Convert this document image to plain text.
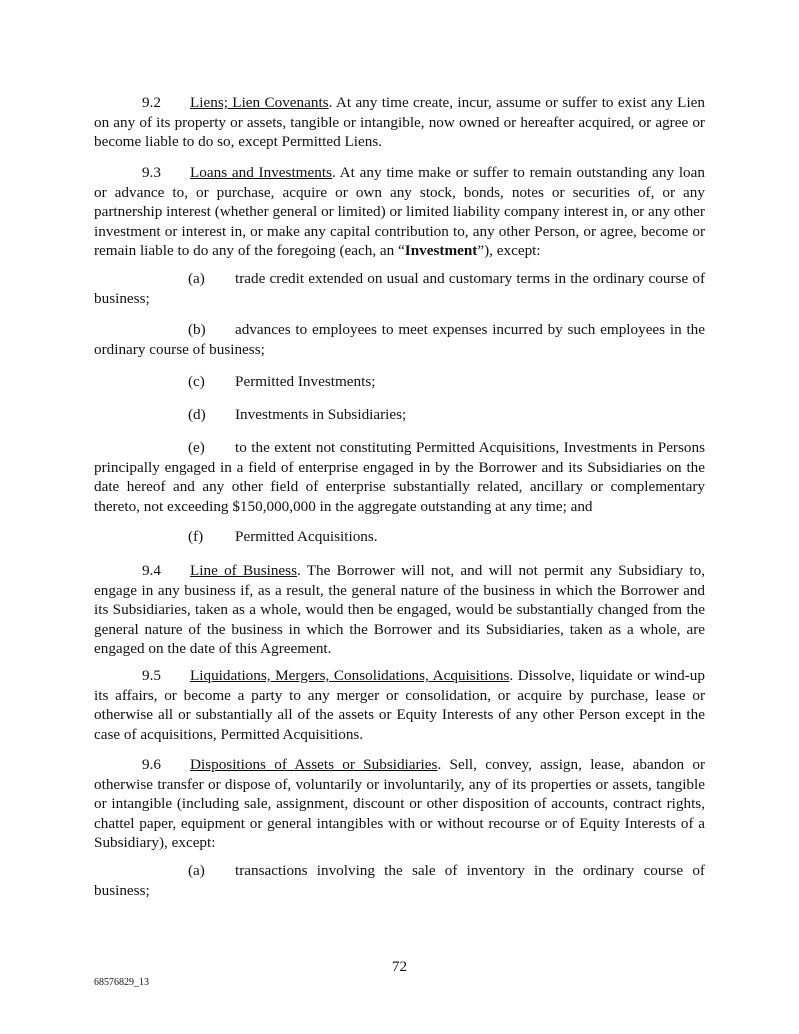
9.2 Liens; Lien Covenants. At any time create, incur, assume or suffer to exist any Lien on any of its property or assets, tangible or intangible, now owned or hereafter acquired, or agree or become liable to do so, except Permitted Liens.

9.3 Loans and Investments. At any time make or suffer to remain outstanding any loan or advance to, or purchase, acquire or own any stock, bonds, notes or securities of, or any partnership interest (whether general or limited) or limited liability company interest in, or any other investment or interest in, or make any capital contribution to, any other Person, or agree, become or remain liable to do any of the foregoing (each, an “Investment”), except:

(a) trade credit extended on usual and customary terms in the ordinary course of business;

(b) advances to employees to meet expenses incurred by such employees in the ordinary course of business;

(c) Permitted Investments;

(d) Investments in Subsidiaries;

(e) to the extent not constituting Permitted Acquisitions, Investments in Persons principally engaged in a field of enterprise engaged in by the Borrower and its Subsidiaries on the date hereof and any other field of enterprise substantially related, ancillary or complementary thereto, not exceeding $150,000,000 in the aggregate outstanding at any time; and

(f) Permitted Acquisitions.

9.4 Line of Business. The Borrower will not, and will not permit any Subsidiary to, engage in any business if, as a result, the general nature of the business in which the Borrower and its Subsidiaries, taken as a whole, would then be engaged, would be substantially changed from the general nature of the business in which the Borrower and its Subsidiaries, taken as a whole, are engaged on the date of this Agreement.

9.5 Liquidations, Mergers, Consolidations, Acquisitions. Dissolve, liquidate or wind-up its affairs, or become a party to any merger or consolidation, or acquire by purchase, lease or otherwise all or substantially all of the assets or Equity Interests of any other Person except in the case of acquisitions, Permitted Acquisitions.

9.6 Dispositions of Assets or Subsidiaries. Sell, convey, assign, lease, abandon or otherwise transfer or dispose of, voluntarily or involuntarily, any of its properties or assets, tangible or intangible (including sale, assignment, discount or other disposition of accounts, contract rights, chattel paper, equipment or general intangibles with or without recourse or of Equity Interests of a Subsidiary), except:

(a) transactions involving the sale of inventory in the ordinary course of business;

72
68576829_13
